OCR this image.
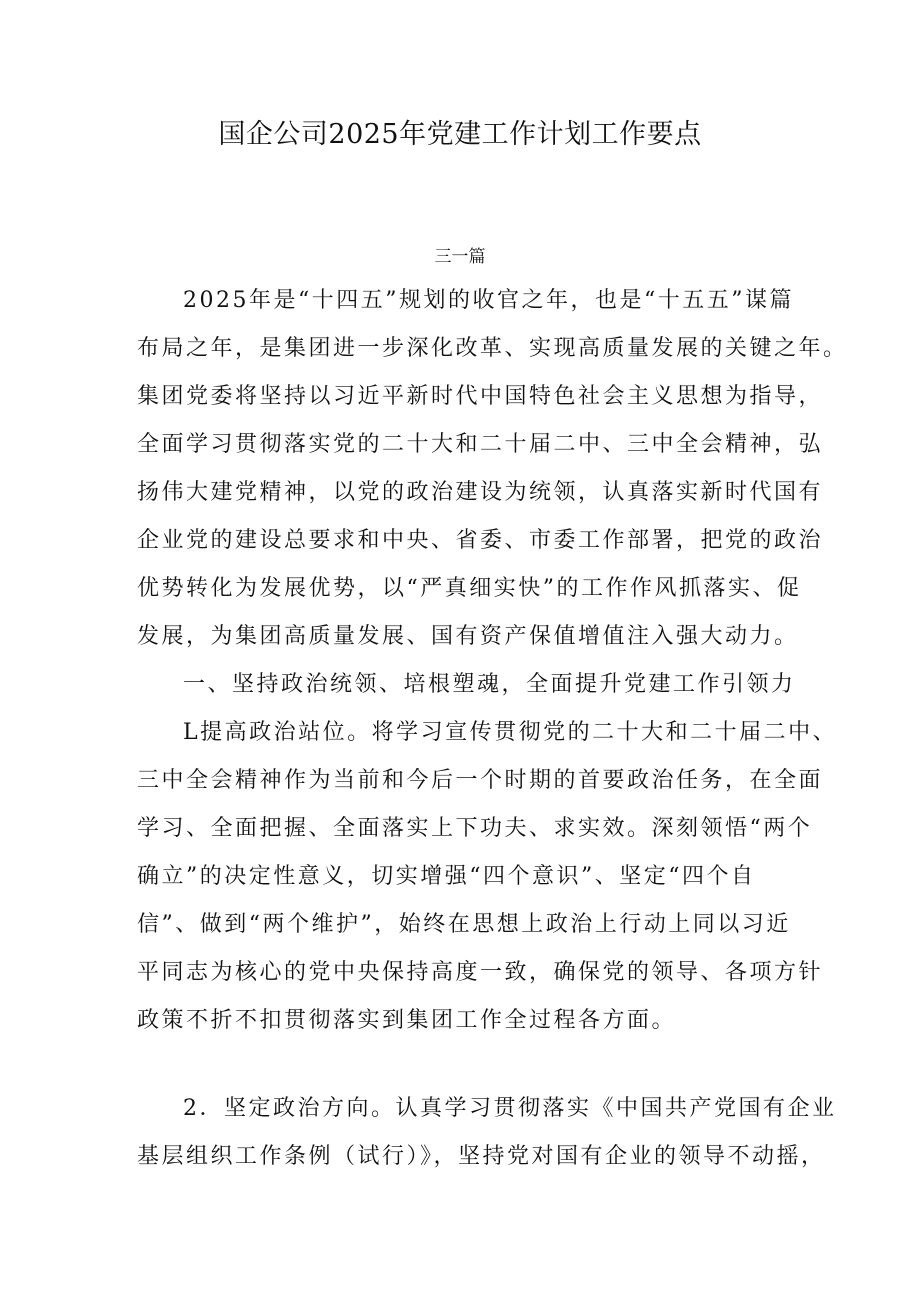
国企公司2025年党建工作计划工作要点
三一篇
2025年是“十四五”规划的收官之年，也是“十五五”谋篇
布局之年，是集团进一步深化改革、实现高质量发展的关键之年。
集团党委将坚持以习近平新时代中国特色社会主义思想为指导，
全面学习贯彻落实党的二十大和二十届二中、三中全会精神，弘
扬伟大建党精神，以党的政治建设为统领，认真落实新时代国有
企业党的建设总要求和中央、省委、市委工作部署，把党的政治
优势转化为发展优势，以“严真细实快”的工作作风抓落实、促
发展，为集团高质量发展、国有资产保值增值注入强大动力。
一、坚持政治统领、培根塑魂，全面提升党建工作引领力
L提高政治站位。将学习宣传贯彻党的二十大和二十届二中、
三中全会精神作为当前和今后一个时期的首要政治任务，在全面
学习、全面把握、全面落实上下功夫、求实效。深刻领悟“两个
确立”的决定性意义，切实增强“四个意识”、坚定“四个自
信”、做到“两个维护”，始终在思想上政治上行动上同以习近
平同志为核心的党中央保持高度一致，确保党的领导、各项方针
政策不折不扣贯彻落实到集团工作全过程各方面。
2．坚定政治方向。认真学习贯彻落实《中国共产党国有企业
基层组织工作条例（试行）》，坚持党对国有企业的领导不动摇，
